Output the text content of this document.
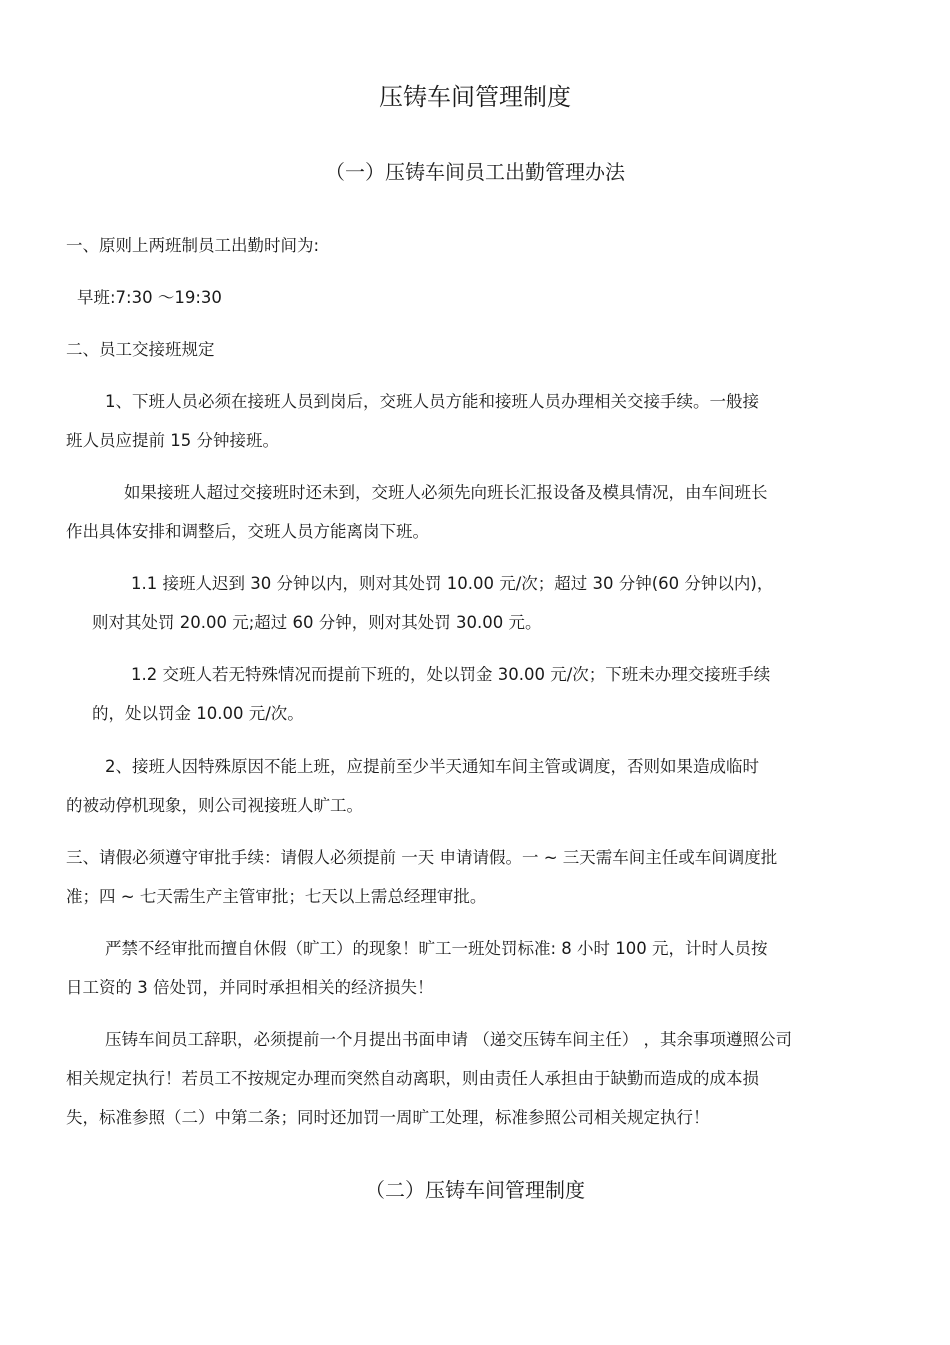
压铸车间管理制度
（一）压铸车间员工出勤管理办法

一、原则上两班制员工出勤时间为:

早班:7:30 ～19:30

二、员工交接班规定

1、下班人员必须在接班人员到岗后，交班人员方能和接班人员办理相关交接手续。一般接

班人员应提前 15 分钟接班。

如果接班人超过交接班时还未到，交班人必须先向班长汇报设备及模具情况，由车间班长

作出具体安排和调整后，交班人员方能离岗下班。

1.1 接班人迟到 30 分钟以内，则对其处罚 10.00 元/次；超过 30 分钟(60 分钟以内)，

则对其处罚 20.00 元;超过 60 分钟，则对其处罚 30.00 元。

1.2 交班人若无特殊情况而提前下班的，处以罚金 30.00 元/次；下班未办理交接班手续

的，处以罚金 10.00 元/次。

2、接班人因特殊原因不能上班，应提前至少半天通知车间主管或调度，否则如果造成临时

的被动停机现象，则公司视接班人旷工。

三、请假必须遵守审批手续：请假人必须提前 一天 申请请假。一 ~ 三天需车间主任或车间调度批

准；四 ~ 七天需生产主管审批；七天以上需总经理审批。

严禁不经审批而擅自休假（旷工）的现象！旷工一班处罚标准: 8 小时 100 元，计时人员按

日工资的 3 倍处罚，并同时承担相关的经济损失！

压铸车间员工辞职，必须提前一个月提出书面申请 （递交压铸车间主任） ，其余事项遵照公司

相关规定执行！若员工不按规定办理而突然自动离职，则由责任人承担由于缺勤而造成的成本损

失，标准参照（二）中第二条；同时还加罚一周旷工处理，标准参照公司相关规定执行！

（二）压铸车间管理制度
